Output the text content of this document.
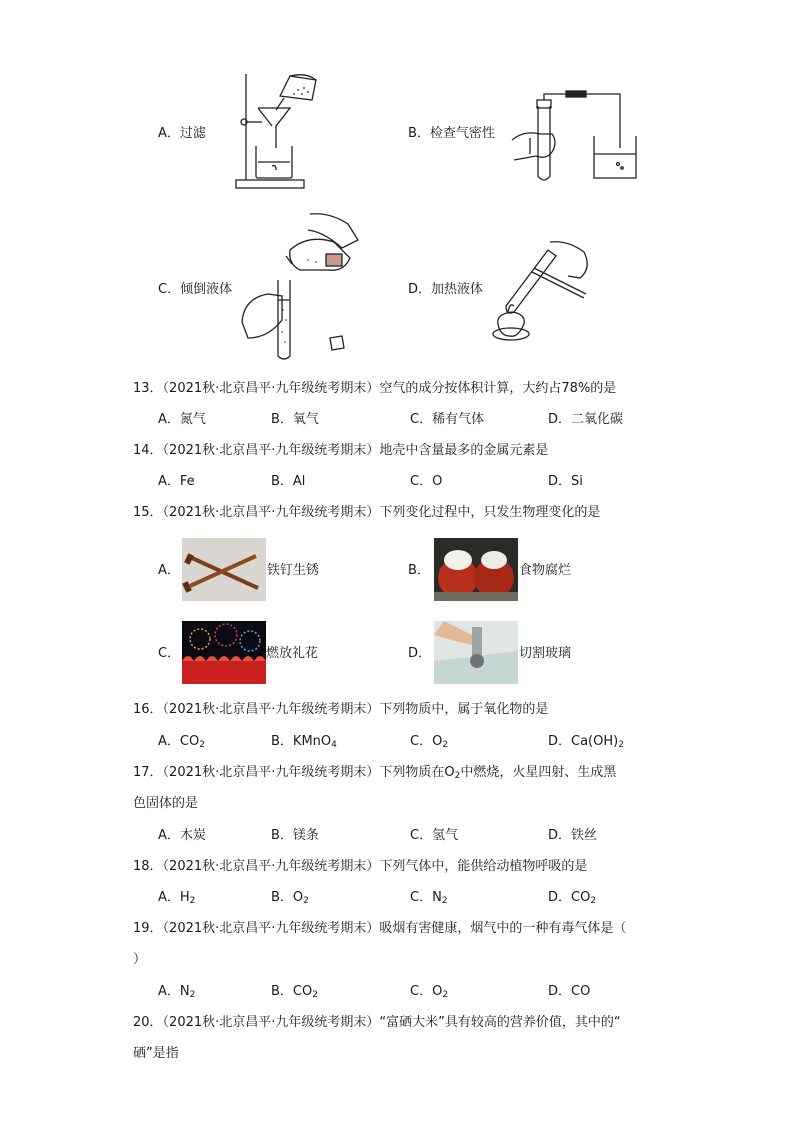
A．过滤	B．检查气密性
C．倾倒液体	D．加热液体
13．（2021秋·北京昌平·九年级统考期末）空气的成分按体积计算，大约占78%的是
A．氮气	B．氧气	C．稀有气体	D．二氧化碳
14．（2021秋·北京昌平·九年级统考期末）地壳中含量最多的金属元素是
A．Fe	B．Al	C．O	D．Si
15．（2021秋·北京昌平·九年级统考期末）下列变化过程中，只发生物理变化的是
A．	铁钉生锈	B．	食物腐烂
C．	燃放礼花	D．	切割玻璃
16．（2021秋·北京昌平·九年级统考期末）下列物质中，属于氧化物的是
A．$CO_2$	B．KMnO$_4$	C．$O_2$	D．$Ca(OH)_2$
17．（2021秋·北京昌平·九年级统考期末）下列物质在$O_2$中燃烧，火星四射、生成黑
色固体的是
A．木炭	B．镁条	C．氢气	D．铁丝
18．（2021秋·北京昌平·九年级统考期末）下列气体中，能供给动植物呼吸的是
A．$H_2$	B．$O_2$	C．$N_2$	D．$CO_2$
19．（2021秋·北京昌平·九年级统考期末）吸烟有害健康，烟气中的一种有毒气体是（
）
A．$N_2$	B．$CO_2$	C．$O_2$	D．CO
20．（2021秋·北京昌平·九年级统考期末）“富硒大米”具有较高的营养价值，其中的“
硒”是指
